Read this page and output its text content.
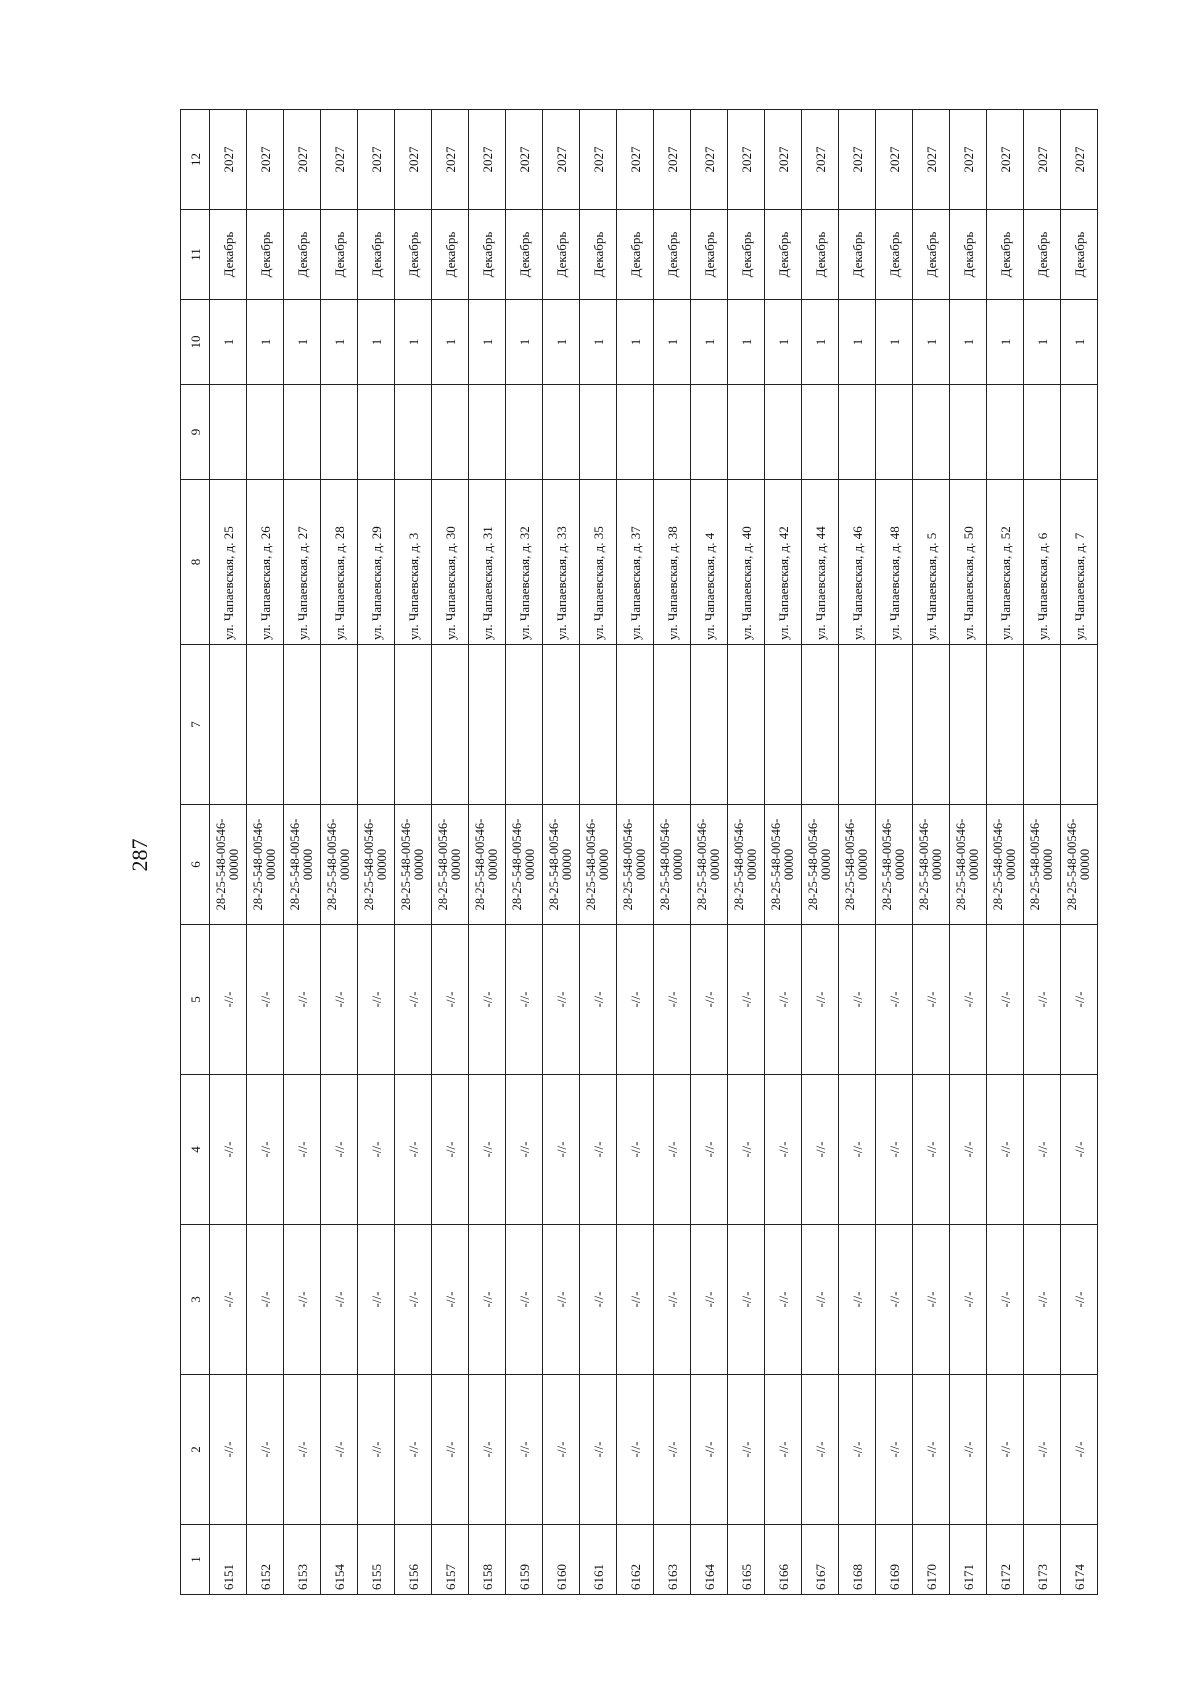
287
1	2	3	4	5	6	7	8	9	10	11	12
6151	-//-	-//-	-//-	-//-	28-25-548-00546-00000		ул. Чапаевская, д. 25		1	Декабрь	2027
6152	-//-	-//-	-//-	-//-	28-25-548-00546-00000		ул. Чапаевская, д. 26		1	Декабрь	2027
6153	-//-	-//-	-//-	-//-	28-25-548-00546-00000		ул. Чапаевская, д. 27		1	Декабрь	2027
6154	-//-	-//-	-//-	-//-	28-25-548-00546-00000		ул. Чапаевская, д. 28		1	Декабрь	2027
6155	-//-	-//-	-//-	-//-	28-25-548-00546-00000		ул. Чапаевская, д. 29		1	Декабрь	2027
6156	-//-	-//-	-//-	-//-	28-25-548-00546-00000		ул. Чапаевская, д. 3		1	Декабрь	2027
6157	-//-	-//-	-//-	-//-	28-25-548-00546-00000		ул. Чапаевская, д. 30		1	Декабрь	2027
6158	-//-	-//-	-//-	-//-	28-25-548-00546-00000		ул. Чапаевская, д. 31		1	Декабрь	2027
6159	-//-	-//-	-//-	-//-	28-25-548-00546-00000		ул. Чапаевская, д. 32		1	Декабрь	2027
6160	-//-	-//-	-//-	-//-	28-25-548-00546-00000		ул. Чапаевская, д. 33		1	Декабрь	2027
6161	-//-	-//-	-//-	-//-	28-25-548-00546-00000		ул. Чапаевская, д. 35		1	Декабрь	2027
6162	-//-	-//-	-//-	-//-	28-25-548-00546-00000		ул. Чапаевская, д. 37		1	Декабрь	2027
6163	-//-	-//-	-//-	-//-	28-25-548-00546-00000		ул. Чапаевская, д. 38		1	Декабрь	2027
6164	-//-	-//-	-//-	-//-	28-25-548-00546-00000		ул. Чапаевская, д. 4		1	Декабрь	2027
6165	-//-	-//-	-//-	-//-	28-25-548-00546-00000		ул. Чапаевская, д. 40		1	Декабрь	2027
6166	-//-	-//-	-//-	-//-	28-25-548-00546-00000		ул. Чапаевская, д. 42		1	Декабрь	2027
6167	-//-	-//-	-//-	-//-	28-25-548-00546-00000		ул. Чапаевская, д. 44		1	Декабрь	2027
6168	-//-	-//-	-//-	-//-	28-25-548-00546-00000		ул. Чапаевская, д. 46		1	Декабрь	2027
6169	-//-	-//-	-//-	-//-	28-25-548-00546-00000		ул. Чапаевская, д. 48		1	Декабрь	2027
6170	-//-	-//-	-//-	-//-	28-25-548-00546-00000		ул. Чапаевская, д. 5		1	Декабрь	2027
6171	-//-	-//-	-//-	-//-	28-25-548-00546-00000		ул. Чапаевская, д. 50		1	Декабрь	2027
6172	-//-	-//-	-//-	-//-	28-25-548-00546-00000		ул. Чапаевская, д. 52		1	Декабрь	2027
6173	-//-	-//-	-//-	-//-	28-25-548-00546-00000		ул. Чапаевская, д. 6		1	Декабрь	2027
6174	-//-	-//-	-//-	-//-	28-25-548-00546-00000		ул. Чапаевская, д. 7		1	Декабрь	2027
